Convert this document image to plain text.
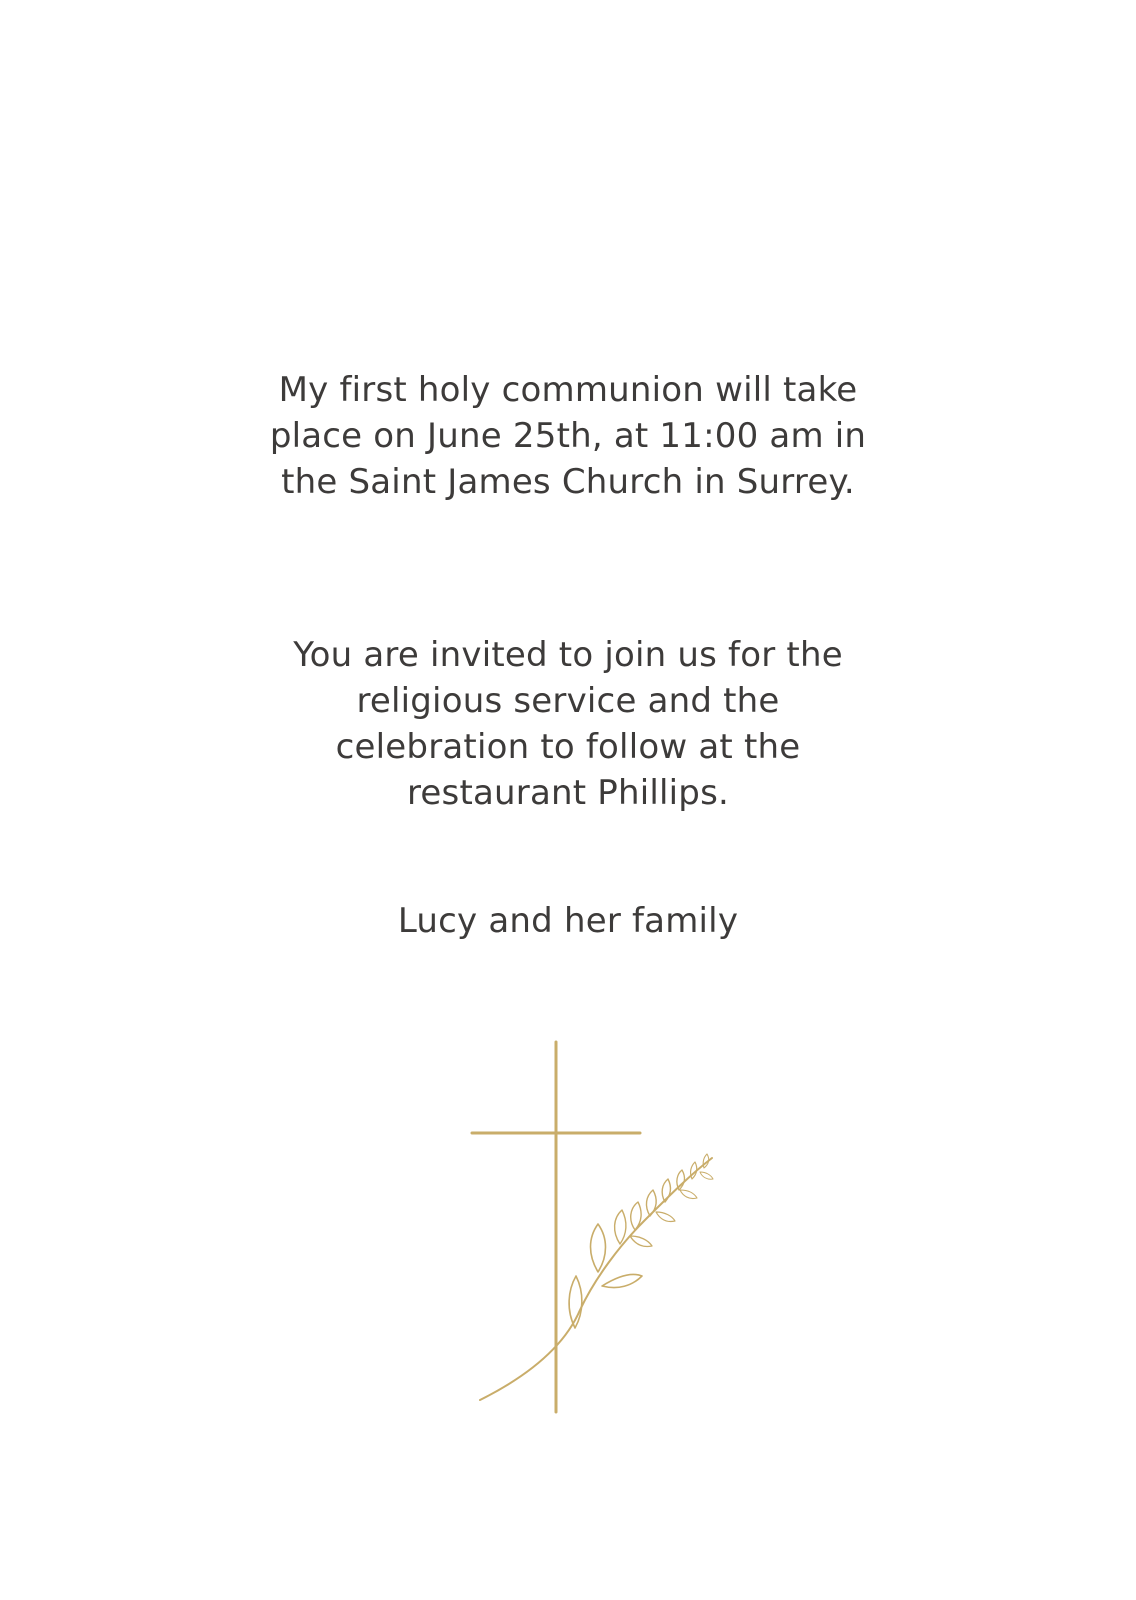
My first holy communion will take
place on June 25th, at 11:00 am in
the Saint James Church in Surrey.
You are invited to join us for the
religious service and the
celebration to follow at the
restaurant Phillips.
Lucy and her family
